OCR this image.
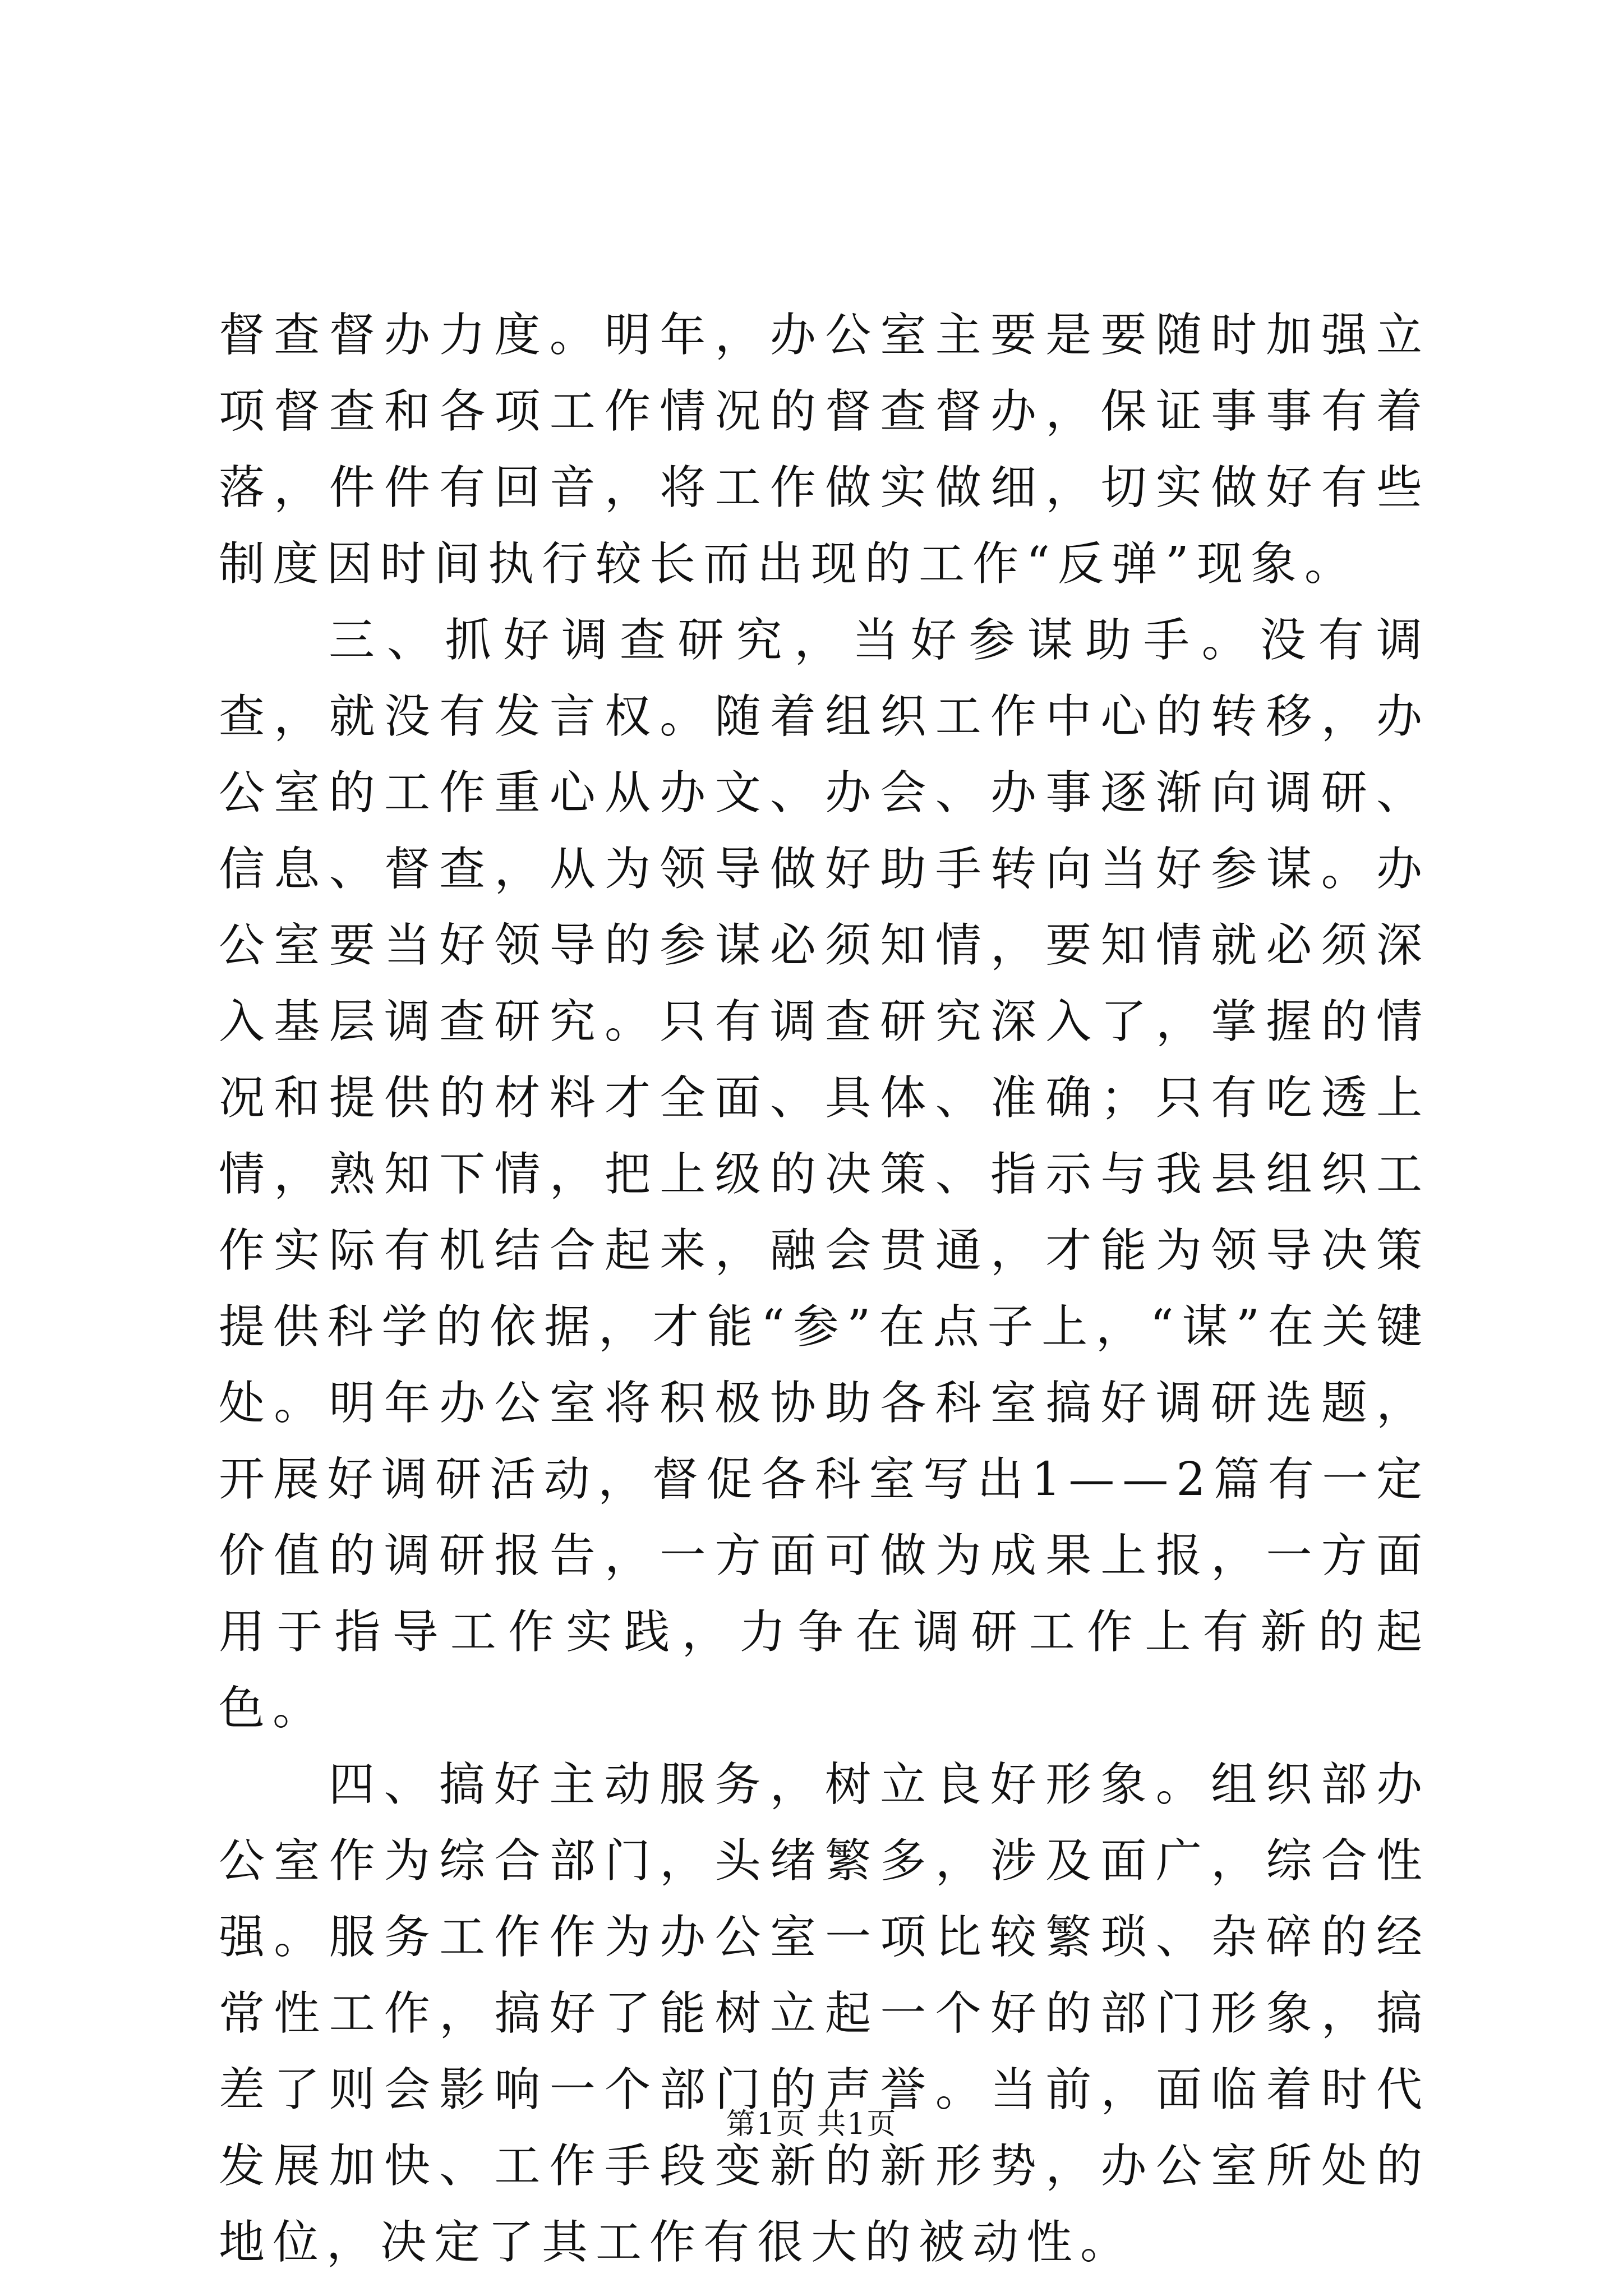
督查督办力度。明年，办公室主要是要随时加强立项督查和各项工作情况的督查督办，保证事事有着落，件件有回音，将工作做实做细，切实做好有些制度因时间执行较长而出现的工作“反弹”现象。

三、抓好调查研究，当好参谋助手。没有调查，就没有发言权。随着组织工作中心的转移，办公室的工作重心从办文、办会、办事逐渐向调研、信息、督查，从为领导做好助手转向当好参谋。办公室要当好领导的参谋必须知情，要知情就必须深入基层调查研究。只有调查研究深入了，掌握的情况和提供的材料才全面、具体、准确；只有吃透上情，熟知下情，把上级的决策、指示与我县组织工作实际有机结合起来，融会贯通，才能为领导决策提供科学的依据，才能“参”在点子上，“谋”在关键处。明年办公室将积极协助各科室搞好调研选题，开展好调研活动，督促各科室写出1——2篇有一定价值的调研报告，一方面可做为成果上报，一方面用于指导工作实践，力争在调研工作上有新的起色。

四、搞好主动服务，树立良好形象。组织部办公室作为综合部门，头绪繁多，涉及面广，综合性强。服务工作作为办公室一项比较繁琐、杂碎的经常性工作，搞好了能树立起一个好的部门形象，搞差了则会影响一个部门的声誉。当前，面临着时代发展加快、工作手段变新的新形势，办公室所处的地位，决定了其工作有很大的被动性。

第1页 共1页
